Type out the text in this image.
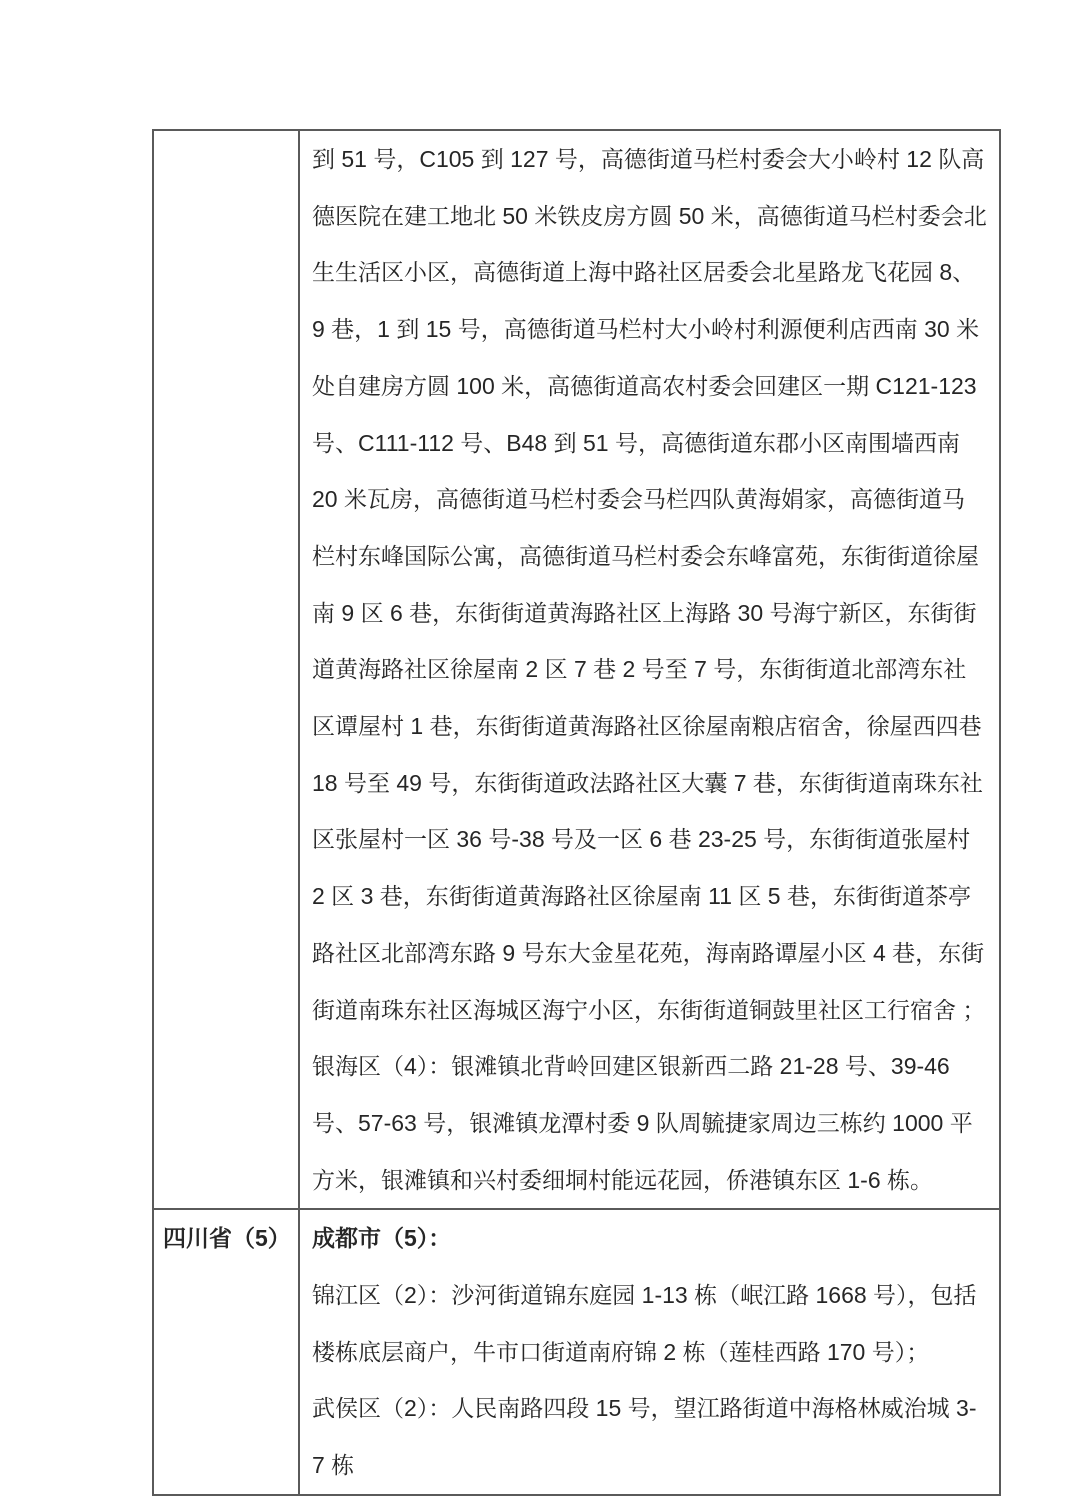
到 51 号，C105 到 127 号，高德街道马栏村委会大小岭村 12 队高德医院在建工地北 50 米铁皮房方圆 50 米，高德街道马栏村委会北生生活区小区，高德街道上海中路社区居委会北星路龙飞花园 8、9 巷，1 到 15 号，高德街道马栏村大小岭村利源便利店西南 30 米处自建房方圆 100 米，高德街道高农村委会回建区一期 C121-123 号、C111-112 号、B48 到 51 号，高德街道东郡小区南围墙西南 20 米瓦房，高德街道马栏村委会马栏四队黄海娟家，高德街道马栏村东峰国际公寓，高德街道马栏村委会东峰富苑，东街街道徐屋南 9 区 6 巷，东街街道黄海路社区上海路 30 号海宁新区，东街街道黄海路社区徐屋南 2 区 7 巷 2 号至 7 号，东街街道北部湾东社区谭屋村 1 巷，东街街道黄海路社区徐屋南粮店宿舍，徐屋西四巷 18 号至 49 号，东街街道政法路社区大囊 7 巷，东街街道南珠东社区张屋村一区 36 号-38 号及一区 6 巷 23-25 号，东街街道张屋村 2 区 3 巷，东街街道黄海路社区徐屋南 11 区 5 巷，东街街道茶亭路社区北部湾东路 9 号东大金星花苑，海南路谭屋小区 4 巷，东街街道南珠东社区海城区海宁小区，东街街道铜鼓里社区工行宿舍 ；

银海区（4）：银滩镇北背岭回建区银新西二路 21-28 号、39-46 号、57-63 号，银滩镇龙潭村委 9 队周毓捷家周边三栋约 1000 平方米，银滩镇和兴村委细垌村能远花园，侨港镇东区 1-6 栋。

四川省（5） 成都市（5）：

锦江区（2）：沙河街道锦东庭园 1-13 栋（岷江路 1668 号），包括楼栋底层商户，牛市口街道南府锦 2 栋（莲桂西路 170 号）；

武侯区（2）：人民南路四段 15 号，望江路街道中海格林威治城 3-7 栋
